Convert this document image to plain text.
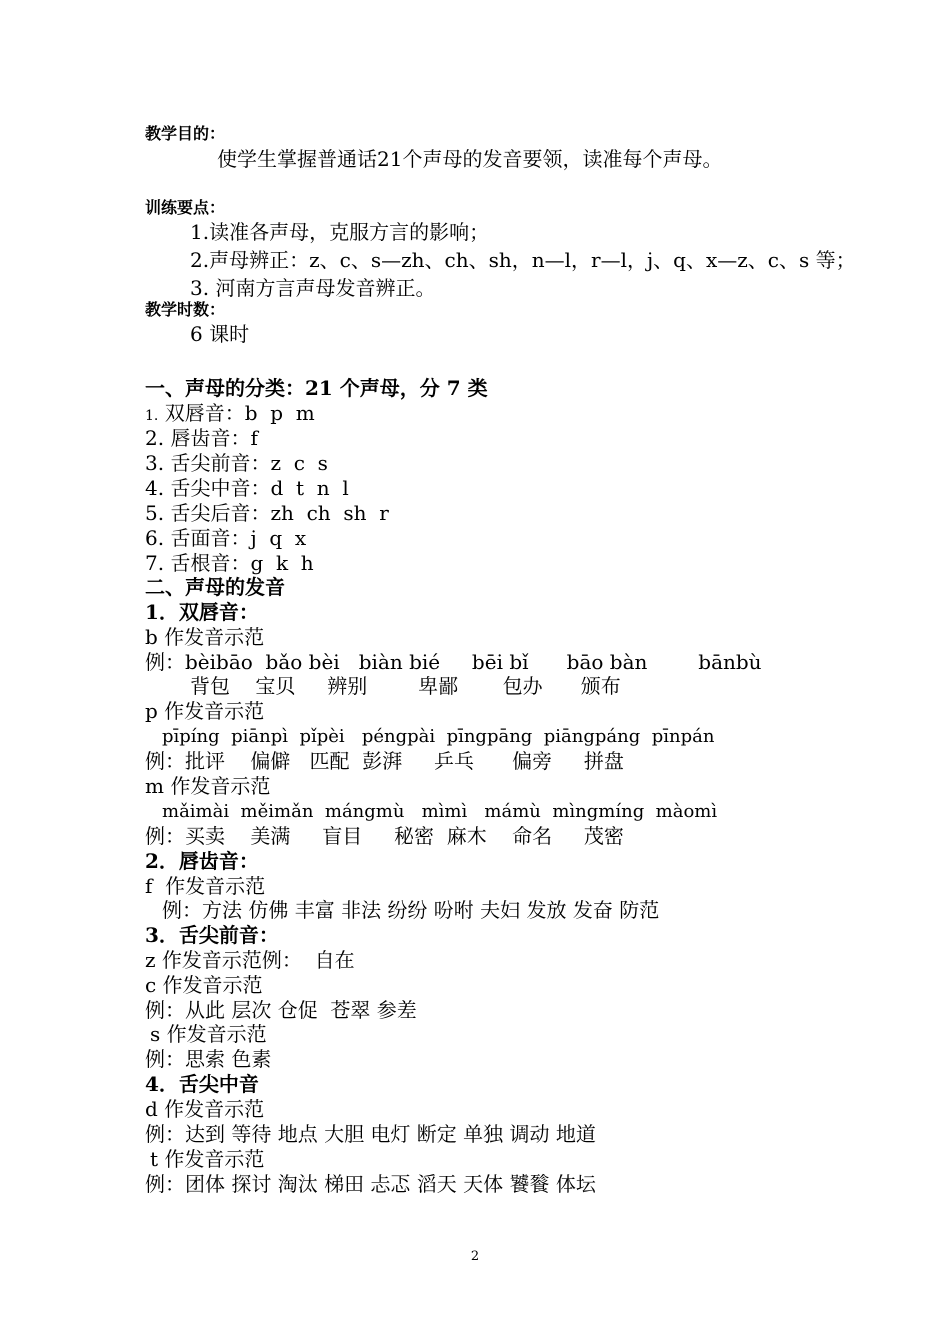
教学目的：
使学生掌握普通话21个声母的发音要领，读准每个声母。
训练要点：
1.读准各声母，克服方言的影响；
2.声母辨正：z、c、s—zh、ch、sh，n—l，r—l，j、q、x—z、c、s 等；
3. 河南方言声母发音辨正。
教学时数：
6 课时
一、声母的分类：21 个声母，分 7 类
1. 双唇音：b  p  m
2. 唇齿音：f
3. 舌尖前音：z  c  s
4. 舌尖中音：d  t  n  l
5. 舌尖后音：zh  ch  sh  r
6. 舌面音：j  q  x
7. 舌根音：g  k  h
二、声母的发音
1．双唇音：
b 作发音示范
例：bèibāo  bǎo bèi   biàn bié     bēi bǐ      bāo bàn        bānbù
背包    宝贝     辨别        卑鄙       包办      颁布
p 作发音示范
pīpíng  piānpì  pǐpèi   péngpài  pīngpāng  piāngpáng  pīnpán
例：批评    偏僻   匹配  彭湃     乒乓      偏旁     拼盘
m 作发音示范
mǎimài  měimǎn  mángmù   mìmì   mámù  mìngmíng  màomì
例：买卖    美满     盲目     秘密  麻木    命名     茂密
2．唇齿音：
f  作发音示范
例：方法 仿佛 丰富 非法 纷纷 吩咐 夫妇 发放 发奋 防范
3．舌尖前音：
z 作发音示范例：  自在
c 作发音示范
例：从此 层次 仓促  苍翠 参差
s 作发音示范
例：思索 色素
4．舌尖中音
d 作发音示范
例：达到 等待 地点 大胆 电灯 断定 单独 调动 地道
t 作发音示范
例：团体 探讨 淘汰 梯田 忐忑 滔天 天体 饕餮 体坛
2
